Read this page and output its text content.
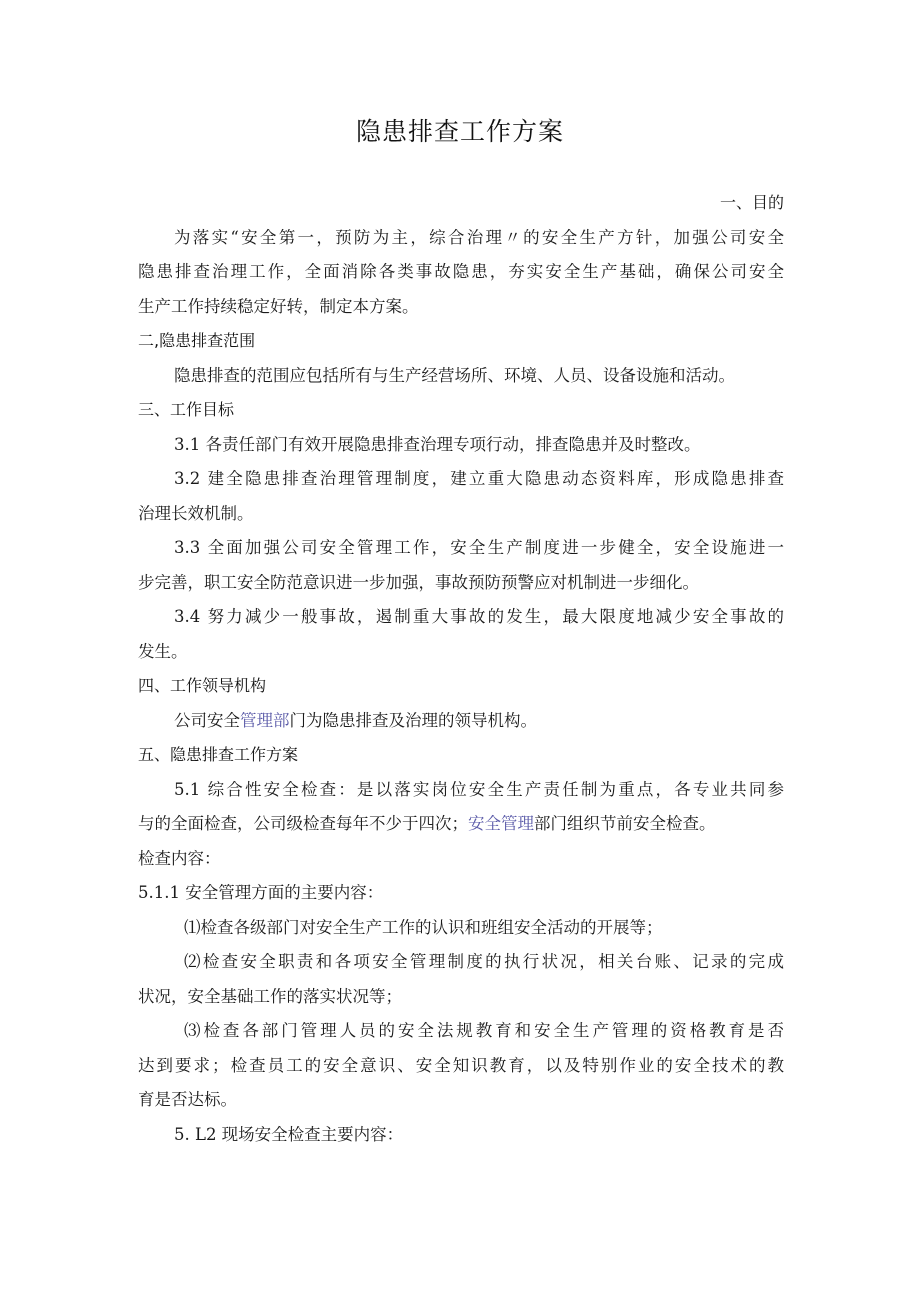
隐患排查工作方案
一、目的
为落实“安全第一，预防为主，综合治理〃的安全生产方针，加强公司安全
隐患排查治理工作，全面消除各类事故隐患，夯实安全生产基础，确保公司安全
生产工作持续稳定好转，制定本方案。
二,隐患排查范围
隐患排查的范围应包括所有与生产经营场所、环境、人员、设备设施和活动。
三、工作目标
3.1 各责任部门有效开展隐患排查治理专项行动，排查隐患并及时整改。
3.2 建全隐患排查治理管理制度，建立重大隐患动态资料库，形成隐患排查
治理长效机制。
3.3 全面加强公司安全管理工作，安全生产制度进一步健全，安全设施进一
步完善，职工安全防范意识进一步加强，事故预防预警应对机制进一步细化。
3.4 努力减少一般事故，遏制重大事故的发生，最大限度地减少安全事故的
发生。
四、工作领导机构
公司安全管理部门为隐患排查及治理的领导机构。
五、隐患排查工作方案
5.1 综合性安全检查：是以落实岗位安全生产责任制为重点，各专业共同参
与的全面检查，公司级检查每年不少于四次；安全管理部门组织节前安全检查。
检查内容：
5.1.1 安全管理方面的主要内容：
⑴检查各级部门对安全生产工作的认识和班组安全活动的开展等；
⑵检查安全职责和各项安全管理制度的执行状况，相关台账、记录的完成
状况，安全基础工作的落实状况等；
⑶检查各部门管理人员的安全法规教育和安全生产管理的资格教育是否
达到要求；检查员工的安全意识、安全知识教育，以及特别作业的安全技术的教
育是否达标。
5. L2 现场安全检查主要内容：
